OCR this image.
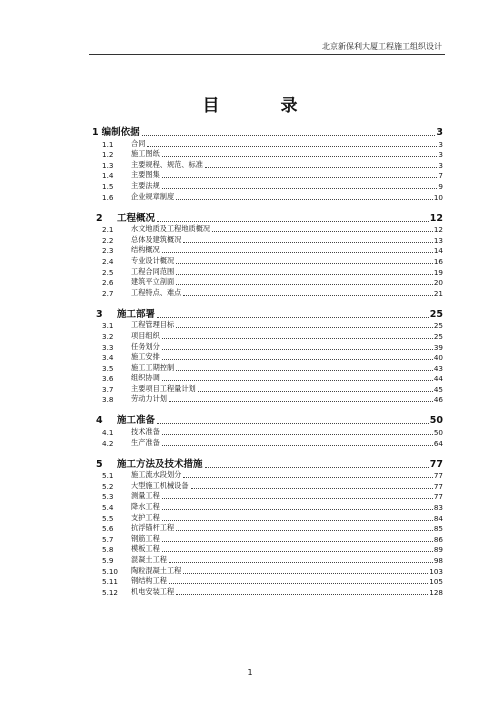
北京新保利大厦工程施工组织设计
目　录
1 编制依据	3
1.1	合同	3
1.2	施工图纸	3
1.3	主要规程、规范、标准	3
1.4	主要图集	7
1.5	主要法规	9
1.6	企业规章制度	10
2	工程概况	12
2.1	水文地质及工程地质概况	12
2.2	总体及建筑概况	13
2.3	结构概况	14
2.4	专业设计概况	16
2.5	工程合同范围	19
2.6	建筑平立剖面	20
2.7	工程特点、难点	21
3	施工部署	25
3.1	工程管理目标	25
3.2	项目组织	25
3.3	任务划分	39
3.4	施工安排	40
3.5	施工工期控制	43
3.6	组织协调	44
3.7	主要项目工程量计划	45
3.8	劳动力计划	46
4	施工准备	50
4.1	技术准备	50
4.2	生产准备	64
5	施工方法及技术措施	77
5.1	施工流水段划分	77
5.2	大型施工机械设备	77
5.3	测量工程	77
5.4	降水工程	83
5.5	支护工程	84
5.6	抗浮锚杆工程	85
5.7	钢筋工程	86
5.8	模板工程	89
5.9	混凝土工程	98
5.10	陶粒混凝土工程	103
5.11	钢结构工程	105
5.12	机电安装工程	128
1
